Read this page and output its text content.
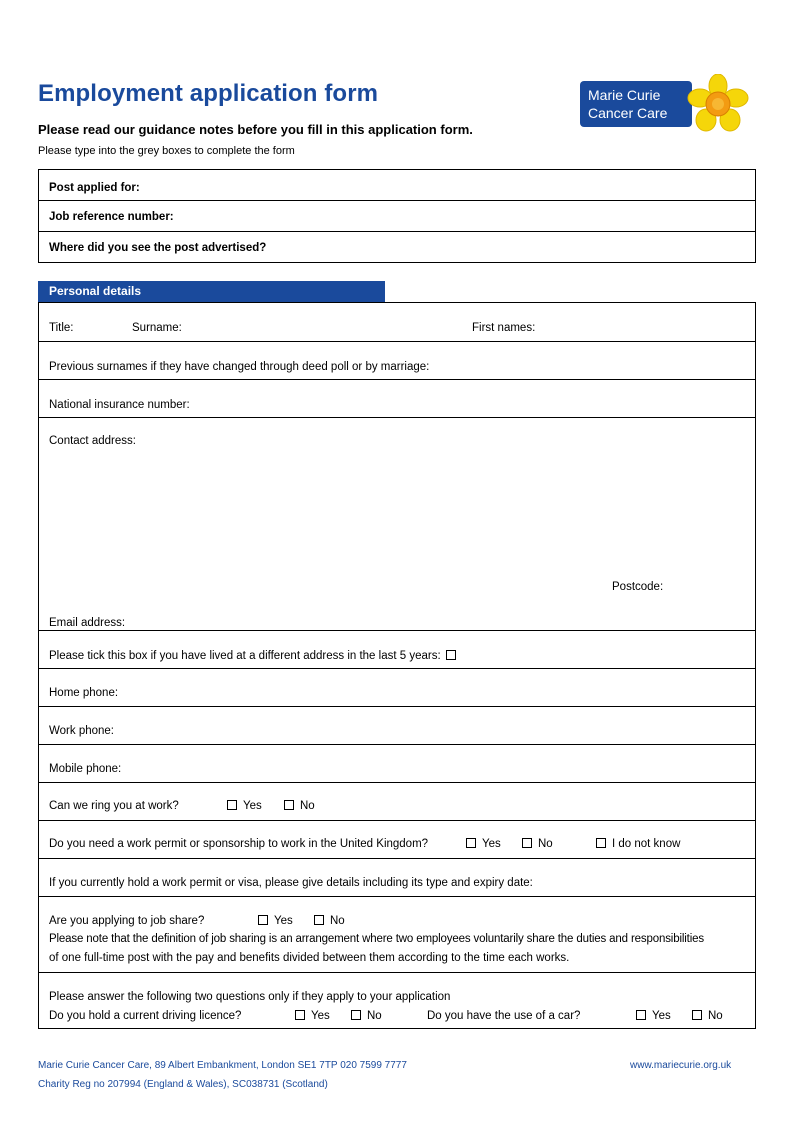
Employment application form
Please read our guidance notes before you fill in this application form.
Please type into the grey boxes to complete the form
Marie Curie
Cancer Care
Post applied for:
Job reference number:
Where did you see the post advertised?
Personal details
Title:	Surname:	First names:
Previous surnames if they have changed through deed poll or by marriage:
National insurance number:
Contact address:
Postcode:
Email address:
Please tick this box if you have lived at a different address in the last 5 years:
Home phone:
Work phone:
Mobile phone:
Can we ring you at work?	Yes	No
Do you need a work permit or sponsorship to work in the United Kingdom?	Yes	No	I do not know
If you currently hold a work permit or visa, please give details including its type and expiry date:
Are you applying to job share?	Yes	No
Please note that the definition of job sharing is an arrangement where two employees voluntarily share the duties and responsibilities
of one full-time post with the pay and benefits divided between them according to the time each works.
Please answer the following two questions only if they apply to your application
Do you hold a current driving licence?	Yes	No	Do you have the use of a car?	Yes	No
Marie Curie Cancer Care, 89 Albert Embankment, London SE1 7TP 020 7599 7777
Charity Reg no 207994 (England & Wales), SC038731 (Scotland)
www.mariecurie.org.uk
